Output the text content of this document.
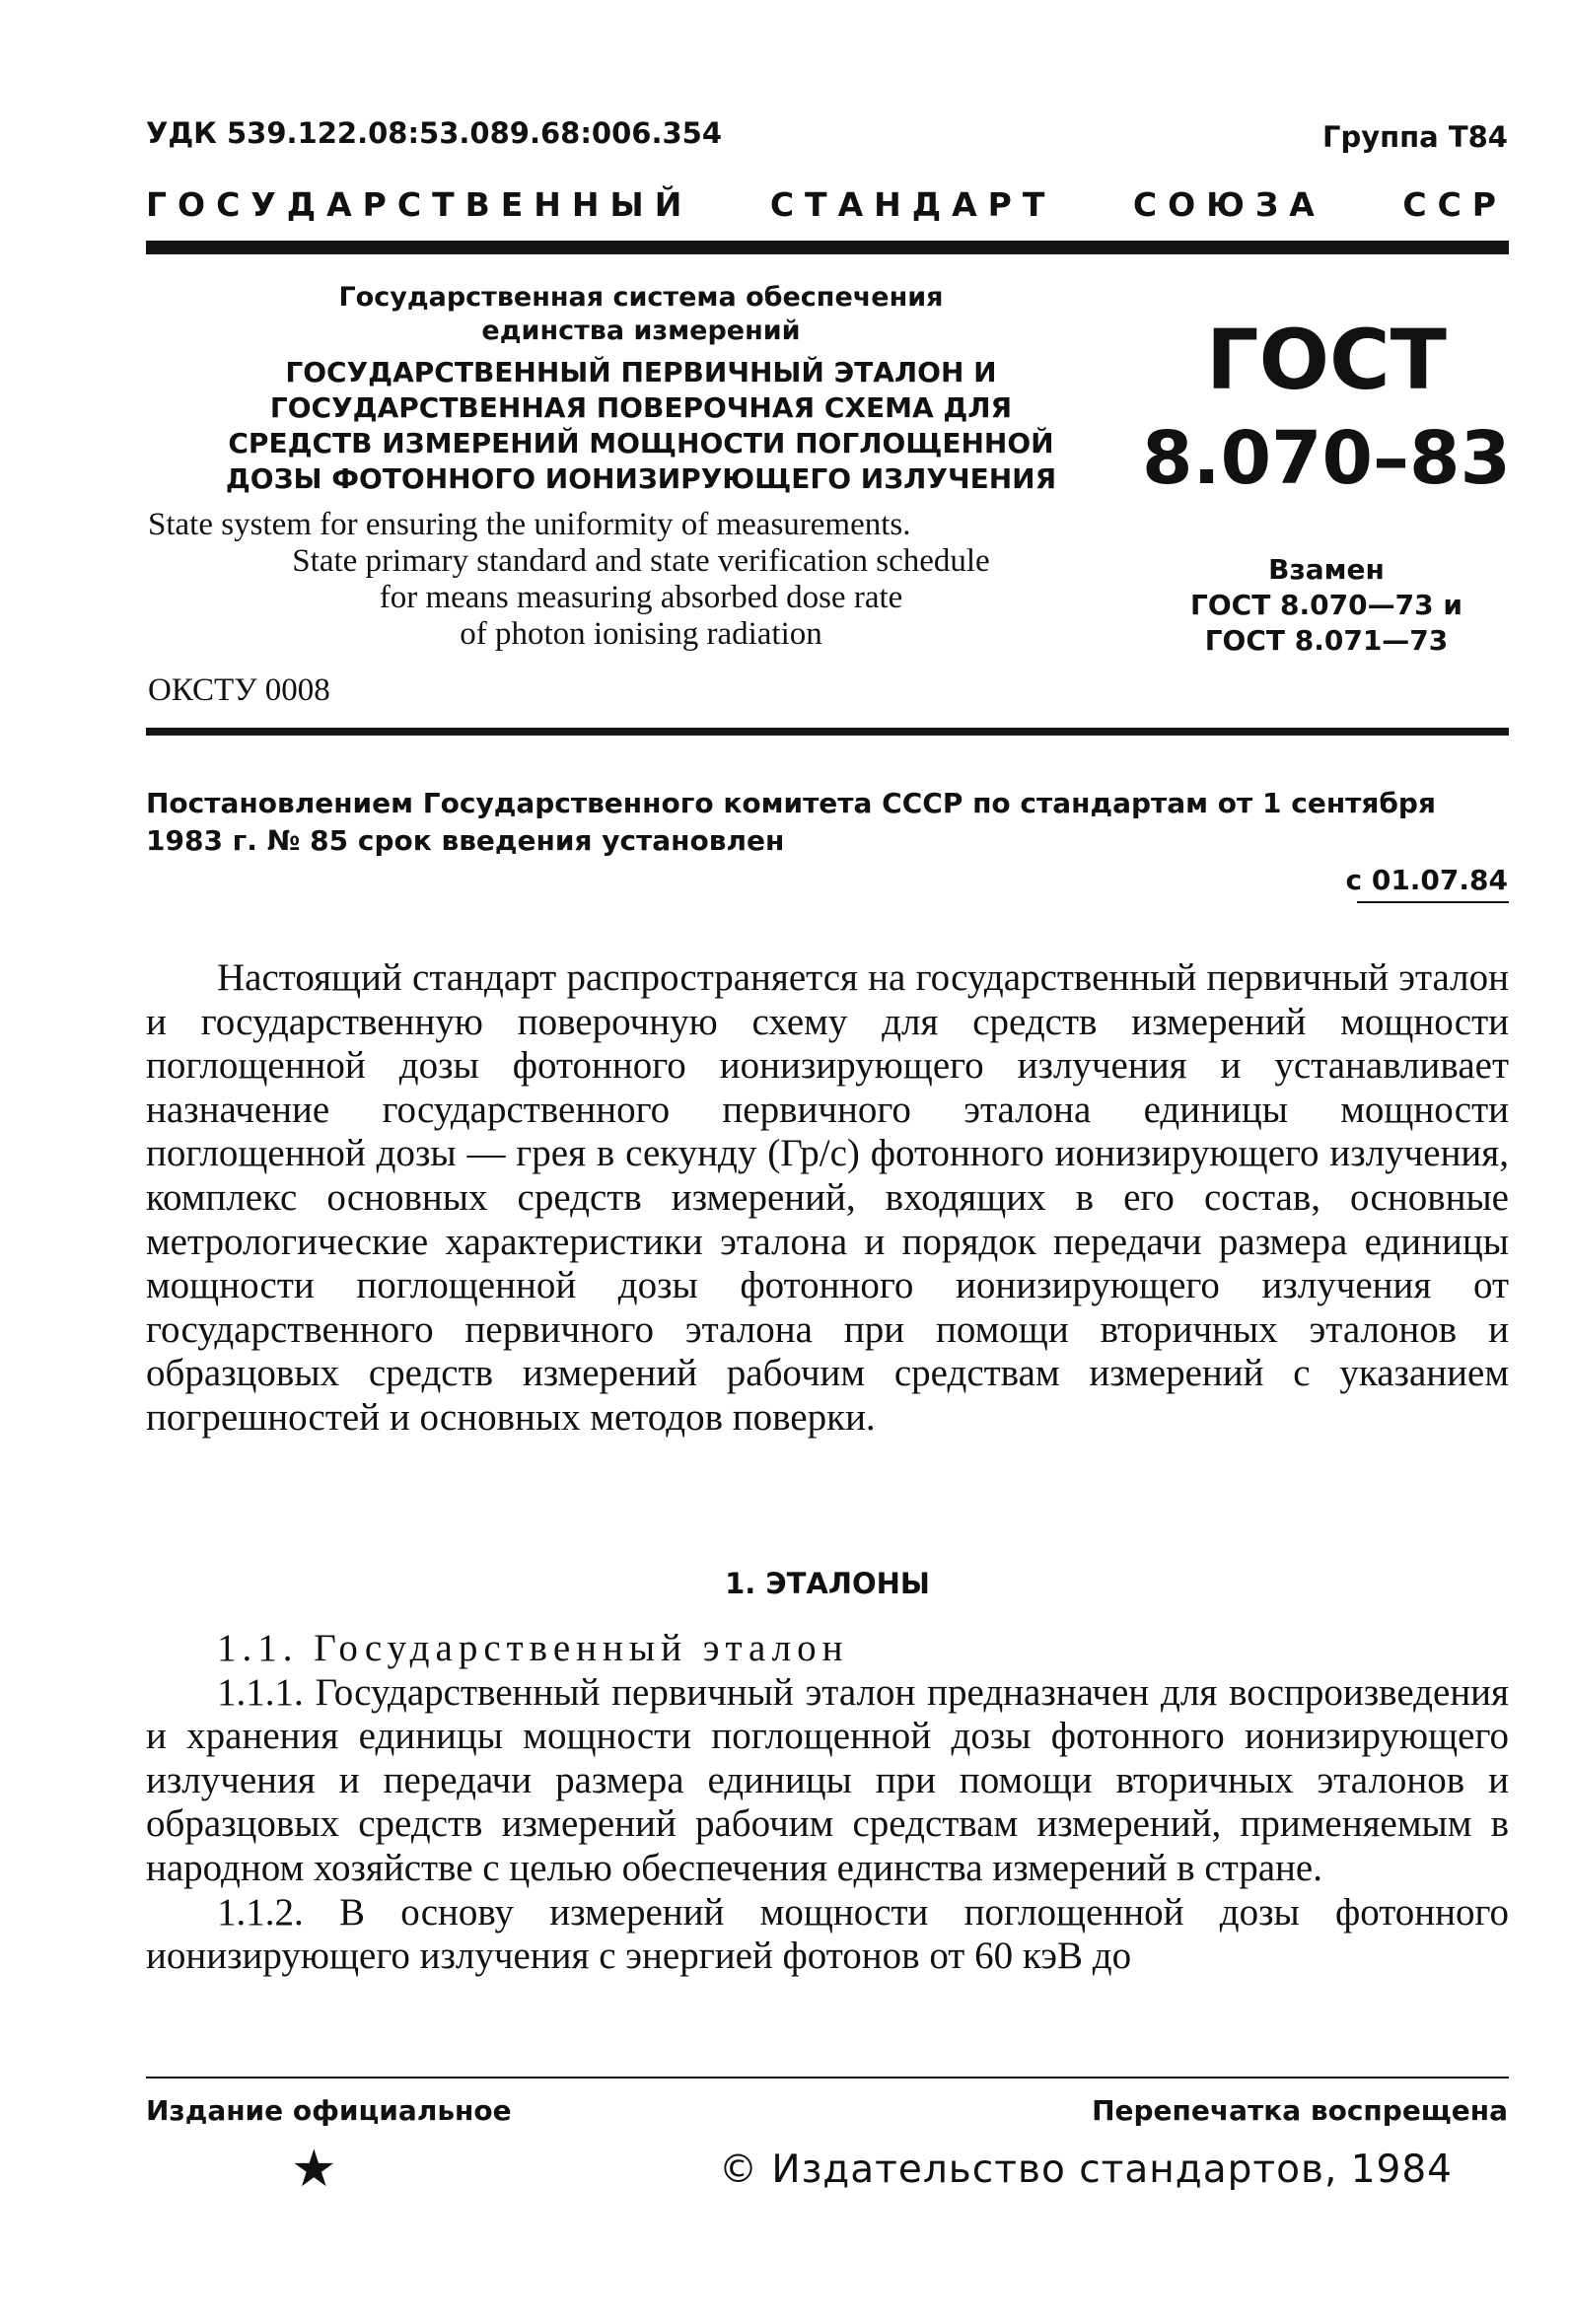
УДК 539.122.08:53.089.68:006.354	Группа Т84
ГОСУДАРСТВЕННЫЙ СТАНДАРТ СОЮЗА ССР
Государственная система обеспечения
единства измерений
ГОСУДАРСТВЕННЫЙ ПЕРВИЧНЫЙ ЭТАЛОН И
ГОСУДАРСТВЕННАЯ ПОВЕРОЧНАЯ СХЕМА ДЛЯ
СРЕДСТВ ИЗМЕРЕНИЙ МОЩНОСТИ ПОГЛОЩЕННОЙ
ДОЗЫ ФОТОННОГО ИОНИЗИРУЮЩЕГО ИЗЛУЧЕНИЯ
State system for ensuring the uniformity of measurements.
State primary standard and state verification schedule
for means measuring absorbed dose rate
of photon ionising radiation
ГОСТ
8.070–83
Взамен
ГОСТ 8.070—73 и
ГОСТ 8.071—73
ОКСТУ 0008
Постановлением Государственного комитета СССР по стандартам от 1 сентября
1983 г. № 85 срок введения установлен
с 01.07.84

Настоящий стандарт распространяется на государственный первичный эталон и государственную поверочную схему для средств измерений мощности поглощенной дозы фотонного ионизирующего излучения и устанавливает назначение государственного первичного эталона единицы мощности поглощенной дозы — грея в секунду (Гр/с) фотонного ионизирующего излучения, комплекс основных средств измерений, входящих в его состав, основные метрологические характеристики эталона и порядок передачи размера единицы мощности поглощенной дозы фотонного ионизирующего излучения от государственного первичного эталона при помощи вторичных эталонов и образцовых средств измерений рабочим средствам измерений с указанием погрешностей и основных методов поверки.

1. ЭТАЛОНЫ

1.1. Государственный эталон

1.1.1. Государственный первичный эталон предназначен для воспроизведения и хранения единицы мощности поглощенной дозы фотонного ионизирующего излучения и передачи размера единицы при помощи вторичных эталонов и образцовых средств измерений рабочим средствам измерений, применяемым в народном хозяйстве с целью обеспечения единства измерений в стране.

1.1.2. В основу измерений мощности поглощенной дозы фотонного ионизирующего излучения с энергией фотонов от 60 кэВ до

Издание официальное	Перепечатка воспрещена
★	© Издательство стандартов, 1984
